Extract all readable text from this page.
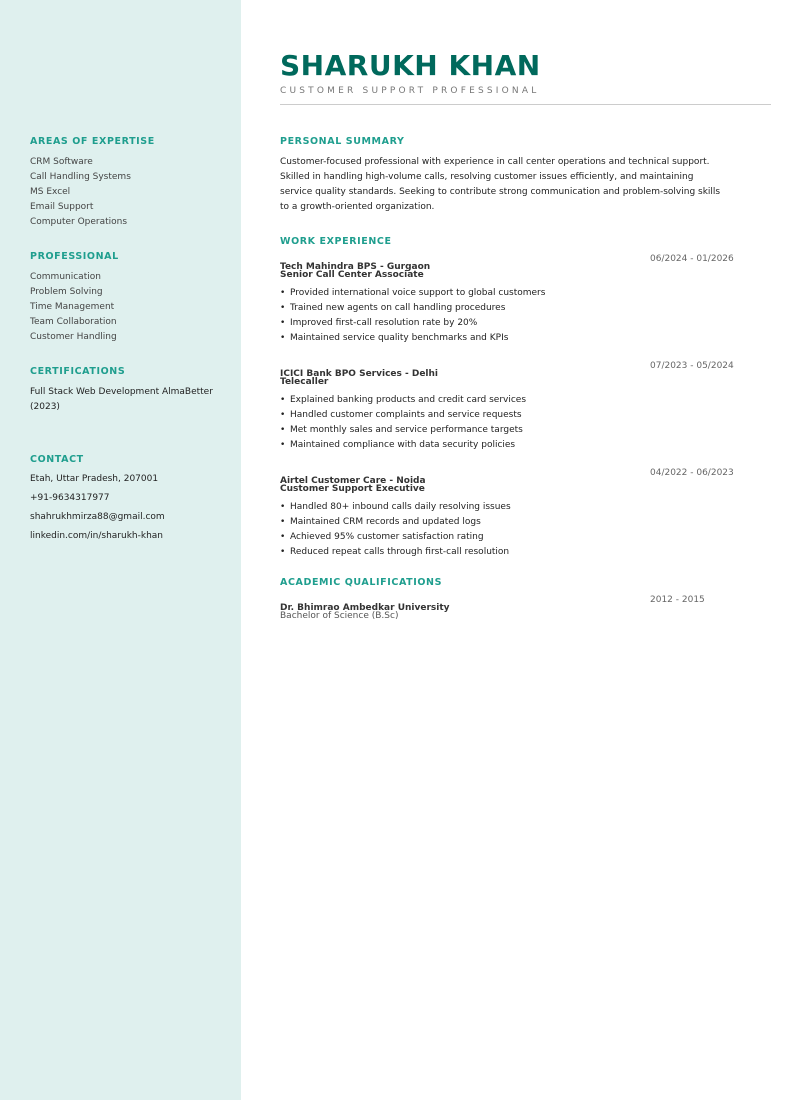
AREAS OF EXPERTISE
CRM Software
Call Handling Systems
MS Excel
Email Support
Computer Operations
PROFESSIONAL
Communication
Problem Solving
Time Management
Team Collaboration
Customer Handling
CERTIFICATIONS
Full Stack Web Development AlmaBetter (2023)
CONTACT
Etah, Uttar Pradesh, 207001
+91-9634317977
shahrukhmirza88@gmail.com
linkedin.com/in/sharukh-khan
SHARUKH KHAN
CUSTOMER SUPPORT PROFESSIONAL
PERSONAL SUMMARY
Customer-focused professional with experience in call center operations and technical support. Skilled in handling high-volume calls, resolving customer issues efficiently, and maintaining service quality standards. Seeking to contribute strong communication and problem-solving skills to a growth-oriented organization.
WORK EXPERIENCE
Tech Mahindra BPS - Gurgaon
06/2024 - 01/2026
Senior Call Center Associate
• Provided international voice support to global customers
• Trained new agents on call handling procedures
• Improved first-call resolution rate by 20%
• Maintained service quality benchmarks and KPIs
ICICI Bank BPO Services - Delhi
07/2023 - 05/2024
Telecaller
• Explained banking products and credit card services
• Handled customer complaints and service requests
• Met monthly sales and service performance targets
• Maintained compliance with data security policies
Airtel Customer Care - Noida
04/2022 - 06/2023
Customer Support Executive
• Handled 80+ inbound calls daily resolving issues
• Maintained CRM records and updated logs
• Achieved 95% customer satisfaction rating
• Reduced repeat calls through first-call resolution
ACADEMIC QUALIFICATIONS
Dr. Bhimrao Ambedkar University
2012 - 2015
Bachelor of Science (B.Sc)
